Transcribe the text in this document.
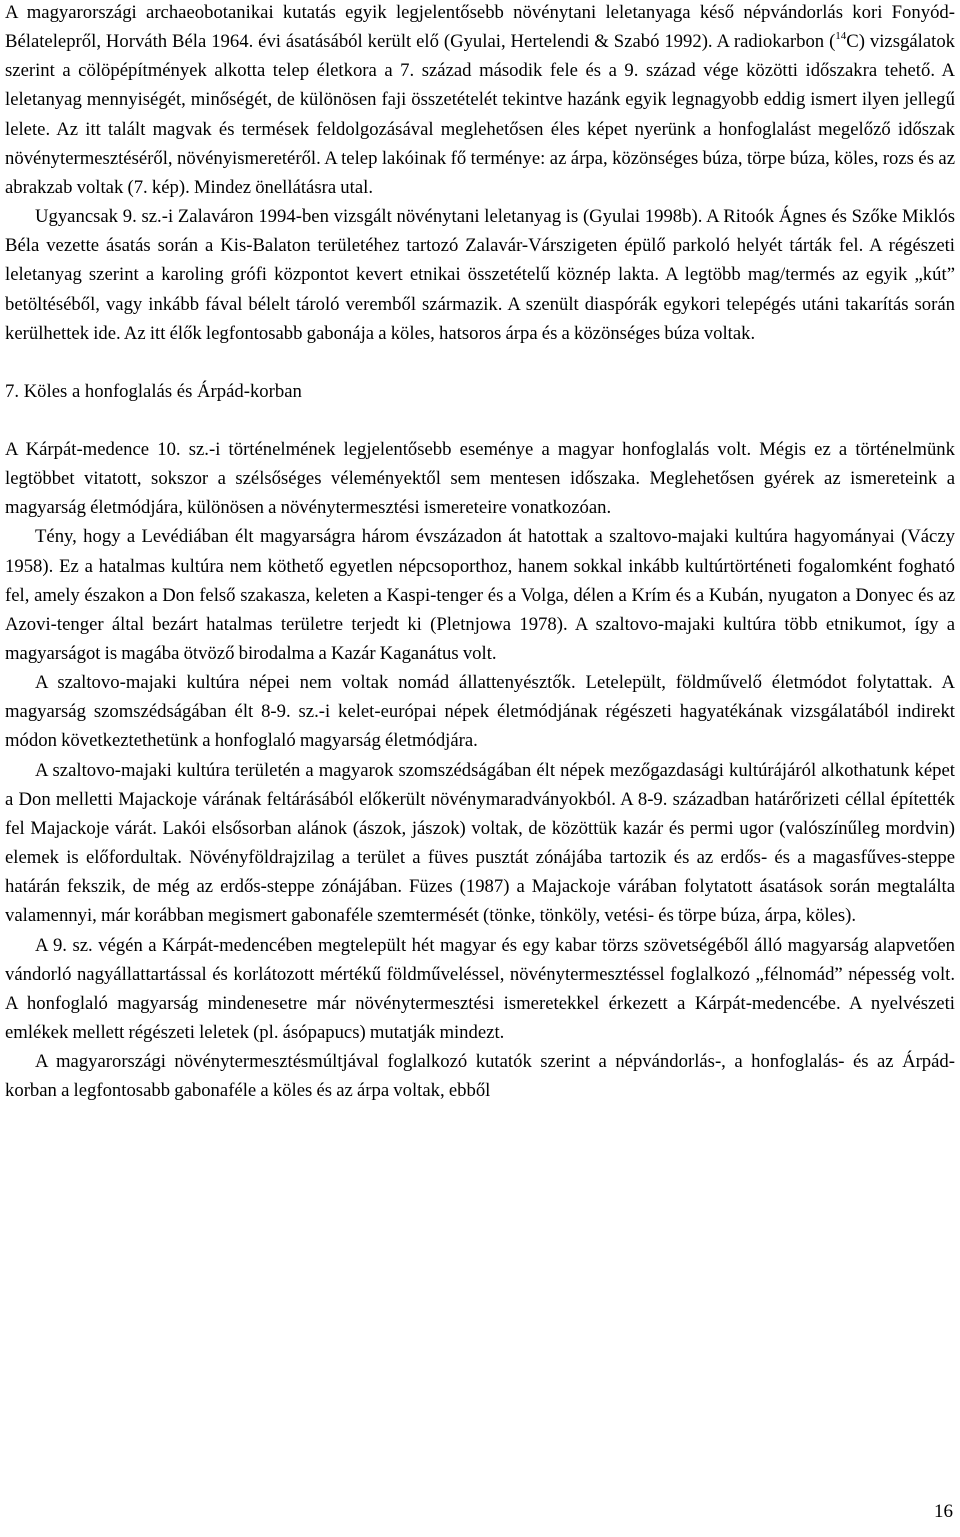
A magyarországi archaeobotanikai kutatás egyik legjelentősebb növénytani leletanyaga késő népvándorlás kori Fonyód-Bélatelepről, Horváth Béla 1964. évi ásatásából került elő (Gyulai, Hertelendi & Szabó 1992). A radiokarbon ($^{14}$C) vizsgálatok szerint a cölöpépítmények alkotta telep életkora a 7. század második fele és a 9. század vége közötti időszakra tehető. A leletanyag mennyiségét, minőségét, de különösen faji összetételét tekintve hazánk egyik legnagyobb eddig ismert ilyen jellegű lelete. Az itt talált magvak és termések feldolgozásával meglehetősen éles képet nyerünk a honfoglalást megelőző időszak növénytermesztéséről, növényismeretéről. A telep lakóinak fő terménye: az árpa, közönséges búza, törpe búza, köles, rozs és az abrakzab voltak (7. kép). Mindez önellátásra utal.

Ugyancsak 9. sz.-i Zalaváron 1994-ben vizsgált növénytani leletanyag is (Gyulai 1998b). A Ritoók Ágnes és Szőke Miklós Béla vezette ásatás során a Kis-Balaton területéhez tartozó Zalavár-Várszigeten épülő parkoló helyét tárták fel. A régészeti leletanyag szerint a karoling grófi központot kevert etnikai összetételű köznép lakta. A legtöbb mag/termés az egyik „kút” betöltéséből, vagy inkább fával bélelt tároló veremből származik. A szenült diaspórák egykori telepégés utáni takarítás során kerülhettek ide. Az itt élők legfontosabb gabonája a köles, hatsoros árpa és a közönséges búza voltak.

7. Köles a honfoglalás és Árpád-korban

A Kárpát-medence 10. sz.-i történelmének legjelentősebb eseménye a magyar honfoglalás volt. Mégis ez a történelmünk legtöbbet vitatott, sokszor a szélsőséges véleményektől sem mentesen időszaka. Meglehetősen gyérek az ismereteink a magyarság életmódjára, különösen a növénytermesztési ismereteire vonatkozóan.

Tény, hogy a Levédiában élt magyarságra három évszázadon át hatottak a szaltovo-majaki kultúra hagyományai (Váczy 1958). Ez a hatalmas kultúra nem köthető egyetlen népcsoporthoz, hanem sokkal inkább kultúrtörténeti fogalomként fogható fel, amely északon a Don felső szakasza, keleten a Kaspi-tenger és a Volga, délen a Krím és a Kubán, nyugaton a Donyec és az Azovi-tenger által bezárt hatalmas területre terjedt ki (Pletnjowa 1978). A szaltovo-majaki kultúra több etnikumot, így a magyarságot is magába ötvöző birodalma a Kazár Kaganátus volt.

A szaltovo-majaki kultúra népei nem voltak nomád állattenyésztők. Letelepült, földművelő életmódot folytattak. A magyarság szomszédságában élt 8-9. sz.-i kelet-európai népek életmódjának régészeti hagyatékának vizsgálatából indirekt módon következtethetünk a honfoglaló magyarság életmódjára.

A szaltovo-majaki kultúra területén a magyarok szomszédságában élt népek mezőgazdasági kultúrájáról alkothatunk képet a Don melletti Majackoje várának feltárásából előkerült növénymaradványokból. A 8-9. században határőrizeti céllal építették fel Majackoje várát. Lakói elsősorban alánok (ászok, jászok) voltak, de közöttük kazár és permi ugor (valószínűleg mordvin) elemek is előfordultak. Növényföldrajzilag a terület a füves pusztát zónájába tartozik és az erdős- és a magasfűves-steppe határán fekszik, de még az erdős-steppe zónájában. Füzes (1987) a Majackoje várában folytatott ásatások során megtalálta valamennyi, már korábban megismert gabonaféle szemtermését (tönke, tönköly, vetési- és törpe búza, árpa, köles).

A 9. sz. végén a Kárpát-medencében megtelepült hét magyar és egy kabar törzs szövetségéből álló magyarság alapvetően vándorló nagyállattartással és korlátozott mértékű földműveléssel, növénytermesztéssel foglalkozó „félnomád” népesség volt. A honfoglaló magyarság mindenesetre már növénytermesztési ismeretekkel érkezett a Kárpát-medencébe. A nyelvészeti emlékek mellett régészeti leletek (pl. ásópapucs) mutatják mindezt.

A magyarországi növénytermesztésmúltjával foglalkozó kutatók szerint a népvándorlás-, a honfoglalás- és az Árpád-korban a legfontosabb gabonaféle a köles és az árpa voltak, ebből

16
